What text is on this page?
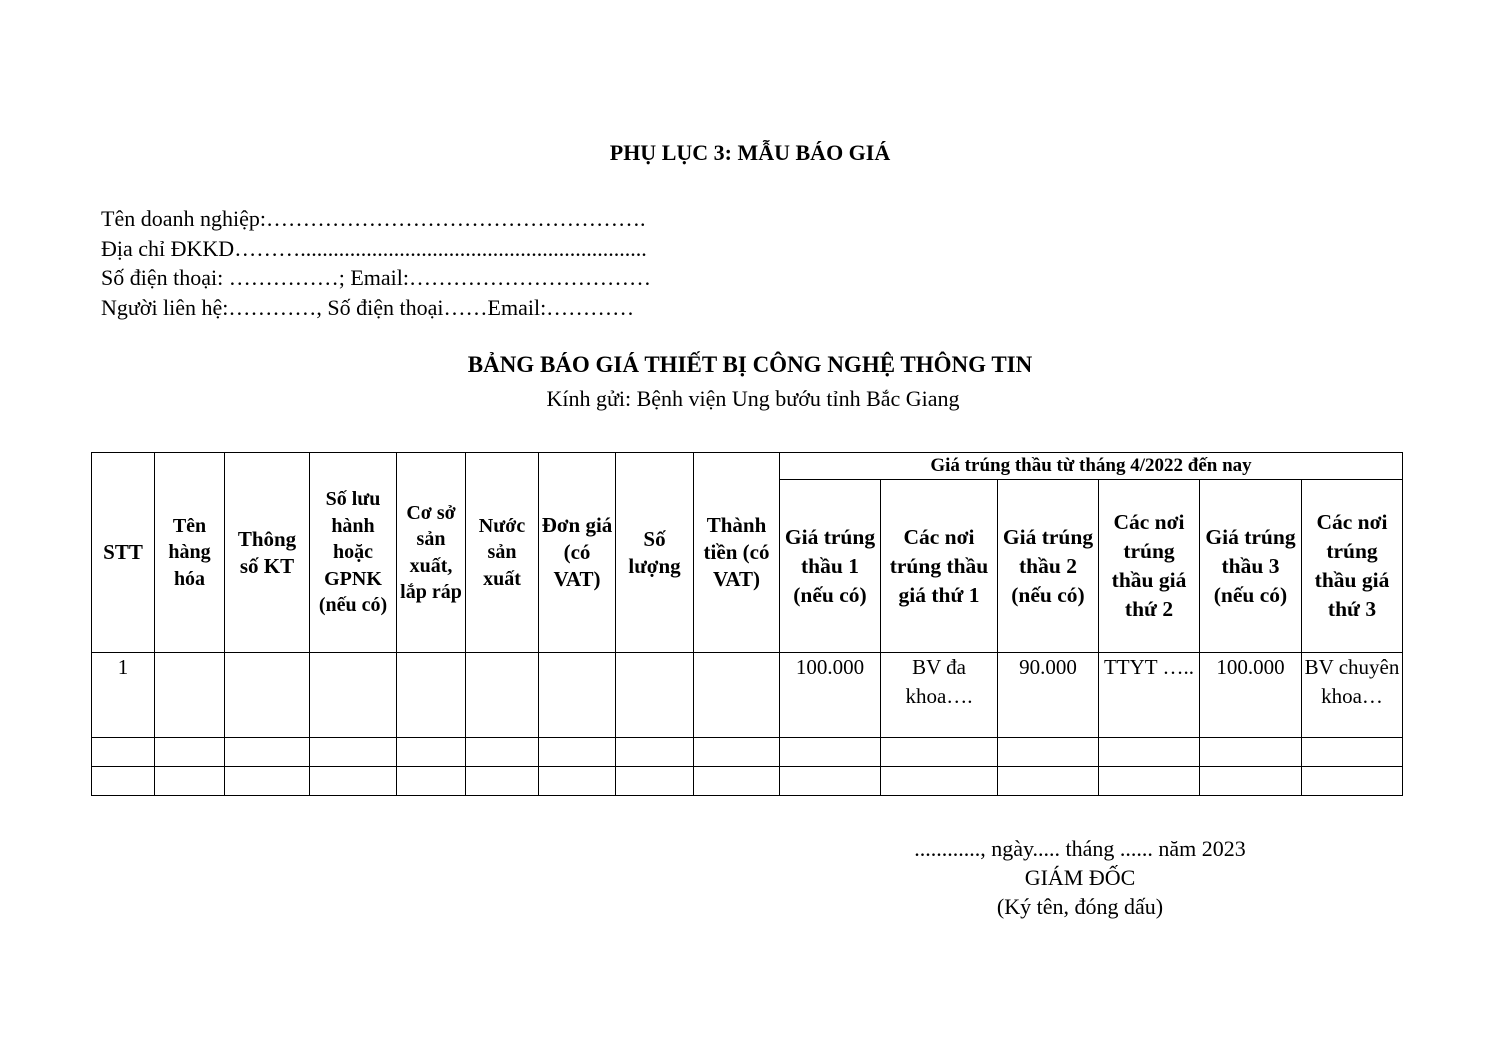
PHỤ LỤC 3: MẪU BÁO GIÁ
Tên doanh nghiệp:…………………………………………….
Địa chỉ ĐKKD………...............................................................
Số điện thoại: ……………; Email:……………………………
Người liên hệ:…………, Số điện thoại……Email:…………
BẢNG BÁO GIÁ THIẾT BỊ CÔNG NGHỆ THÔNG TIN
Kính gửi: Bệnh viện Ung bướu tỉnh Bắc Giang
STT	Tên hàng hóa	Thông số KT	Số lưu hành hoặc GPNK (nếu có)	Cơ sở sản xuất, lắp ráp	Nước sản xuất	Đơn giá (có VAT)	Số lượng	Thành tiền (có VAT)	Giá trúng thầu từ tháng 4/2022 đến nay					
									Giá trúng thầu 1 (nếu có)	Các nơi trúng thầu giá thứ 1	Giá trúng thầu 2 (nếu có)	Các nơi trúng thầu giá thứ 2	Giá trúng thầu 3 (nếu có)	Các nơi trúng thầu giá thứ 3
1									100.000	BV đa khoa….	90.000	TTYT …..	100.000	BV chuyên khoa…

............, ngày..... tháng ...... năm 2023
GIÁM ĐỐC
(Ký tên, đóng dấu)
